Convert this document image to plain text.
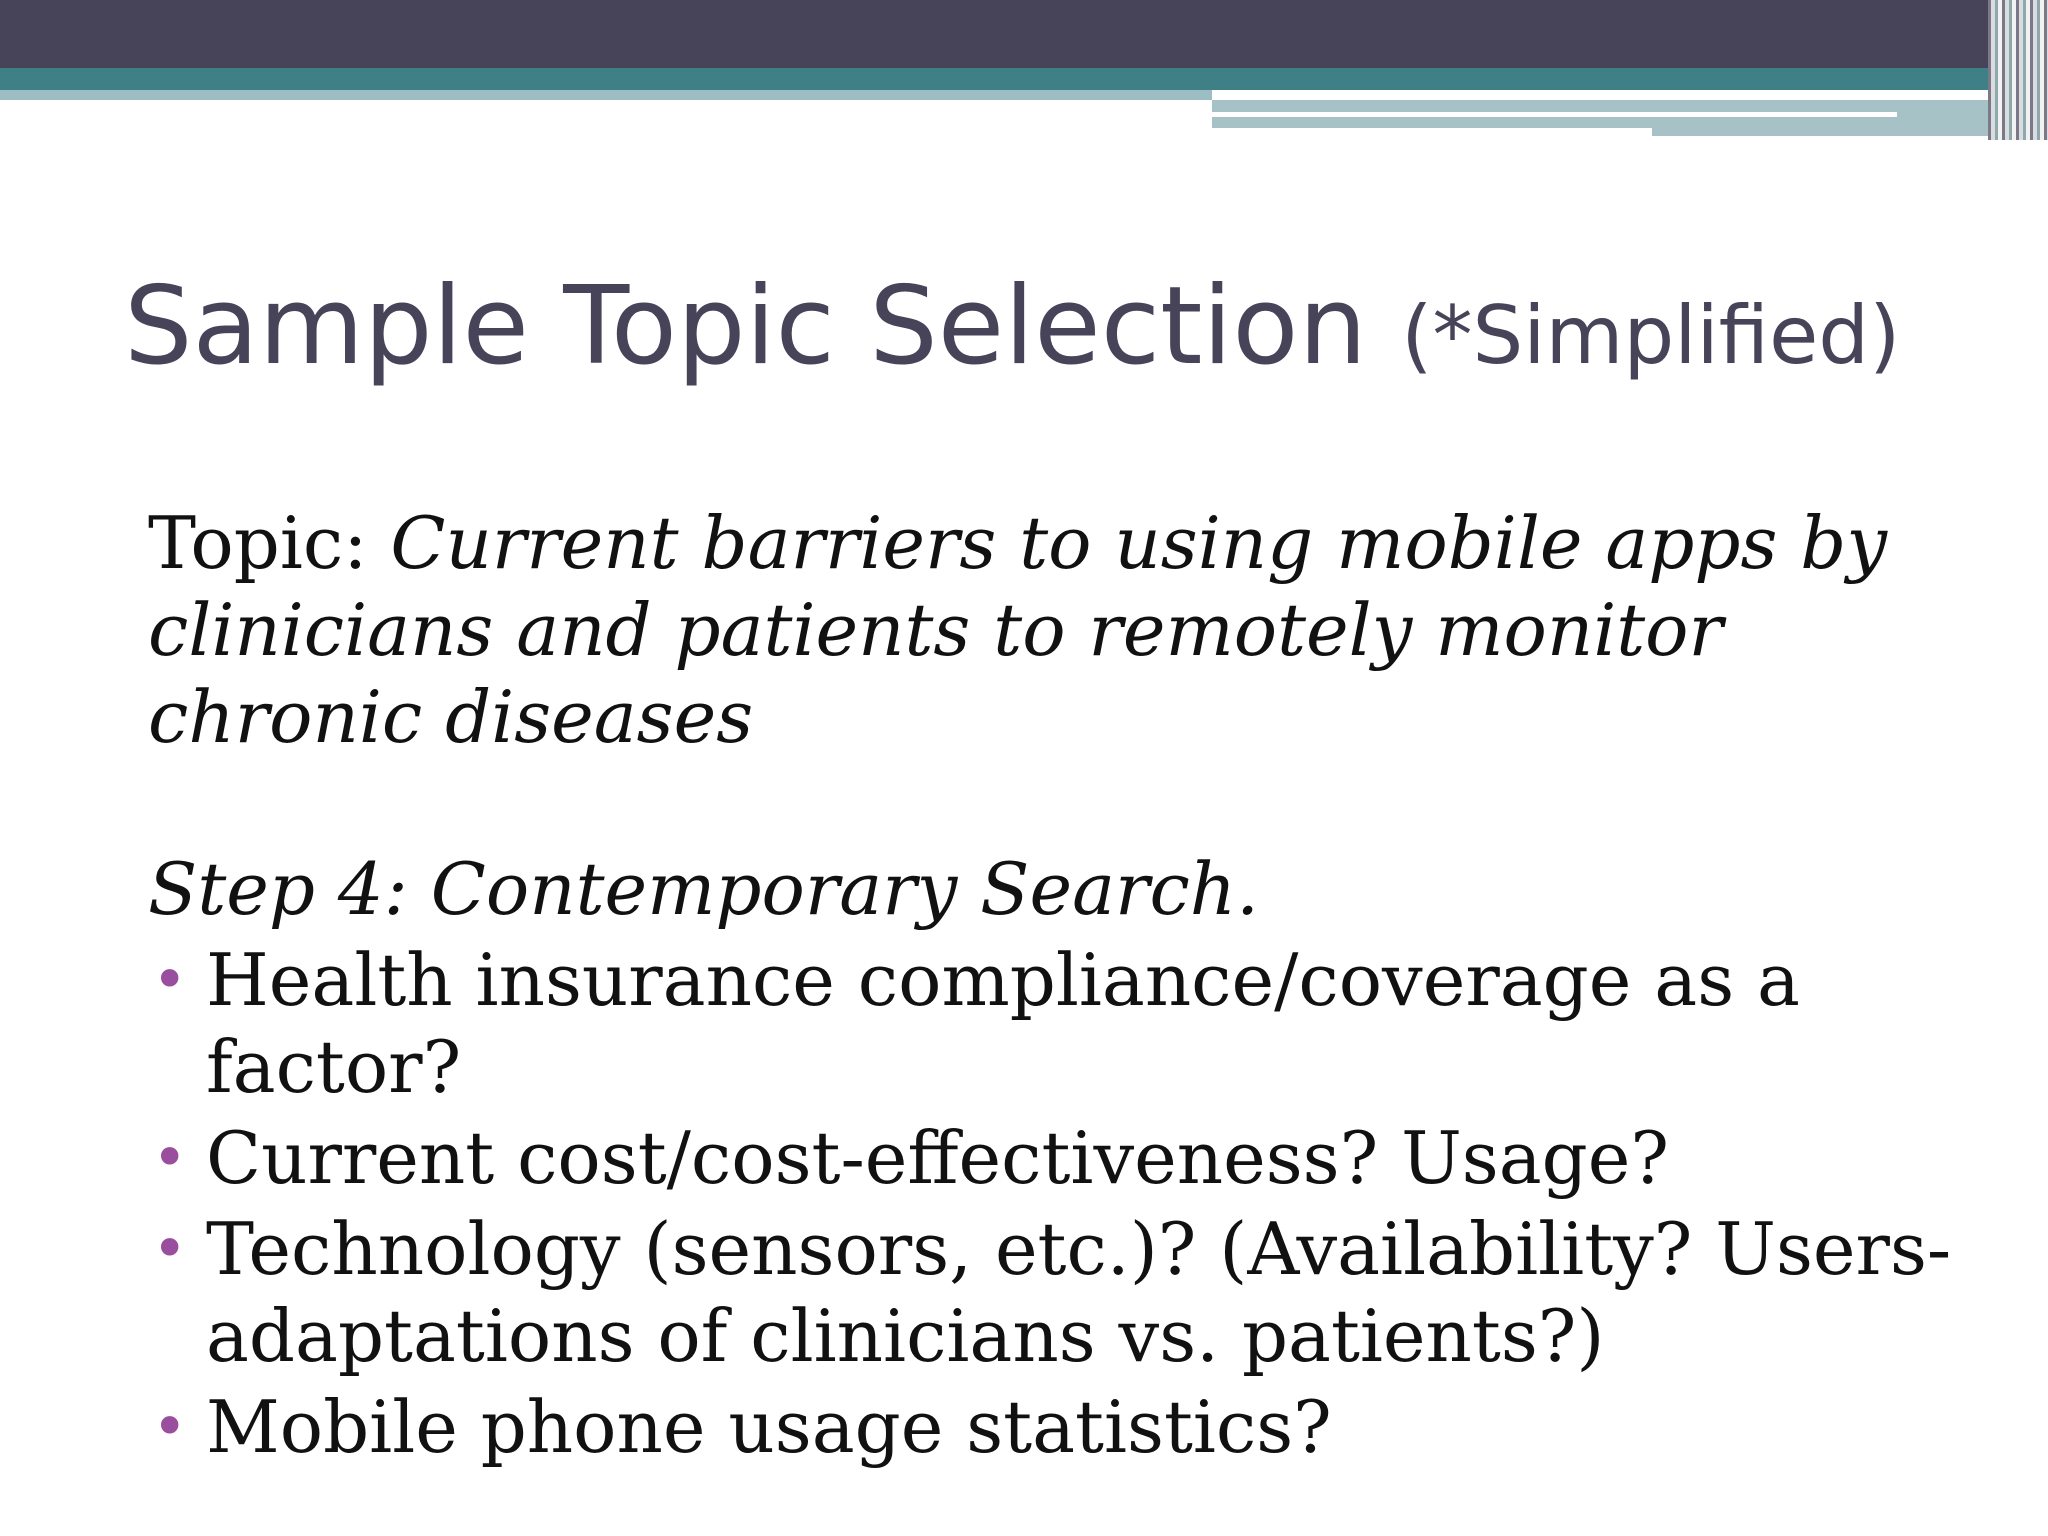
Sample Topic Selection (*Simplified)

Topic: Current barriers to using mobile apps by clinicians and patients to remotely monitor chronic diseases

Step 4: Contemporary Search.

• Health insurance compliance/coverage as a factor?
• Current cost/cost-effectiveness? Usage?
• Technology (sensors, etc.)? (Availability? Users-adaptations of clinicians vs. patients?)
• Mobile phone usage statistics?
